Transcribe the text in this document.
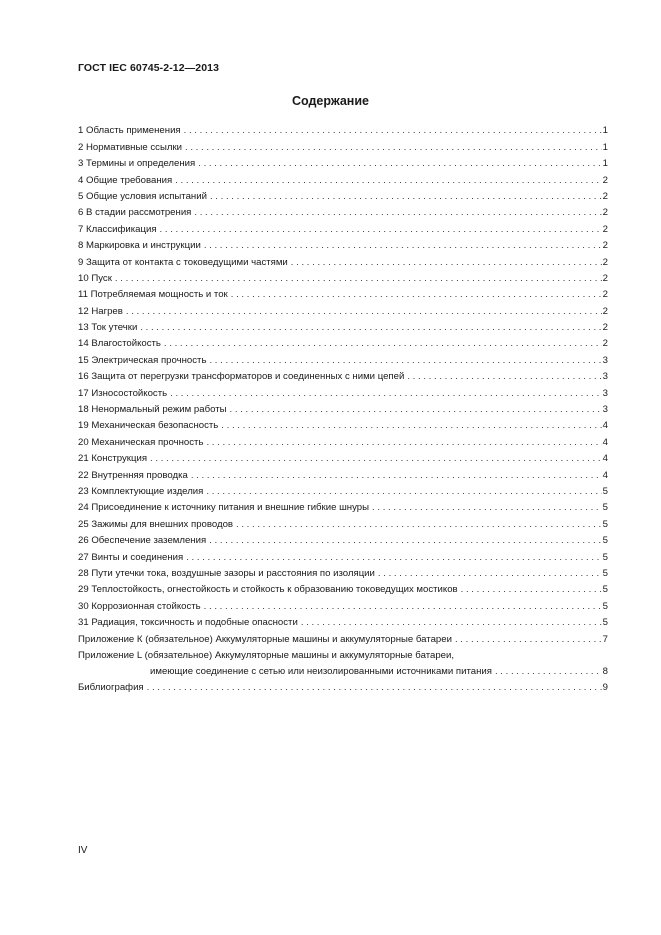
ГОСТ IEC 60745-2-12—2013
Содержание
1 Область применения . . .	1
2 Нормативные ссылки . . .	1
3 Термины и определения . . .	1
4 Общие требования . . .	2
5 Общие условия испытаний . . .	2
6 В стадии рассмотрения . . .	2
7 Классификация . . .	2
8 Маркировка и инструкции . . .	2
9 Защита от контакта с токоведущими частями . . .	2
10 Пуск . . .	2
11 Потребляемая мощность и ток . . .	2
12 Нагрев . . .	2
13 Ток утечки . . .	2
14 Влагостойкость . . .	2
15 Электрическая прочность . . .	3
16 Защита от перегрузки трансформаторов и соединенных с ними цепей . . .	3
17 Износостойкость . . .	3
18 Ненормальный режим работы . . .	3
19 Механическая безопасность . . .	4
20 Механическая прочность . . .	4
21 Конструкция . . .	4
22 Внутренняя проводка . . .	4
23 Комплектующие изделия . . .	5
24 Присоединение к источнику питания и внешние гибкие шнуры . . .	5
25 Зажимы для внешних проводов . . .	5
26 Обеспечение заземления . . .	5
27 Винты и соединения . . .	5
28 Пути утечки тока, воздушные зазоры и расстояния по изоляции . . .	5
29 Теплостойкость, огнестойкость и стойкость к образованию токоведущих мостиков . . .	5
30 Коррозионная стойкость . . .	5
31 Радиация, токсичность и подобные опасности . . .	5
Приложение К (обязательное) Аккумуляторные машины и аккумуляторные батареи . . .	7
Приложение L (обязательное) Аккумуляторные машины и аккумуляторные батареи,
имеющие соединение с сетью или неизолированными источниками питания . . .	8
Библиография . . .	9
IV
